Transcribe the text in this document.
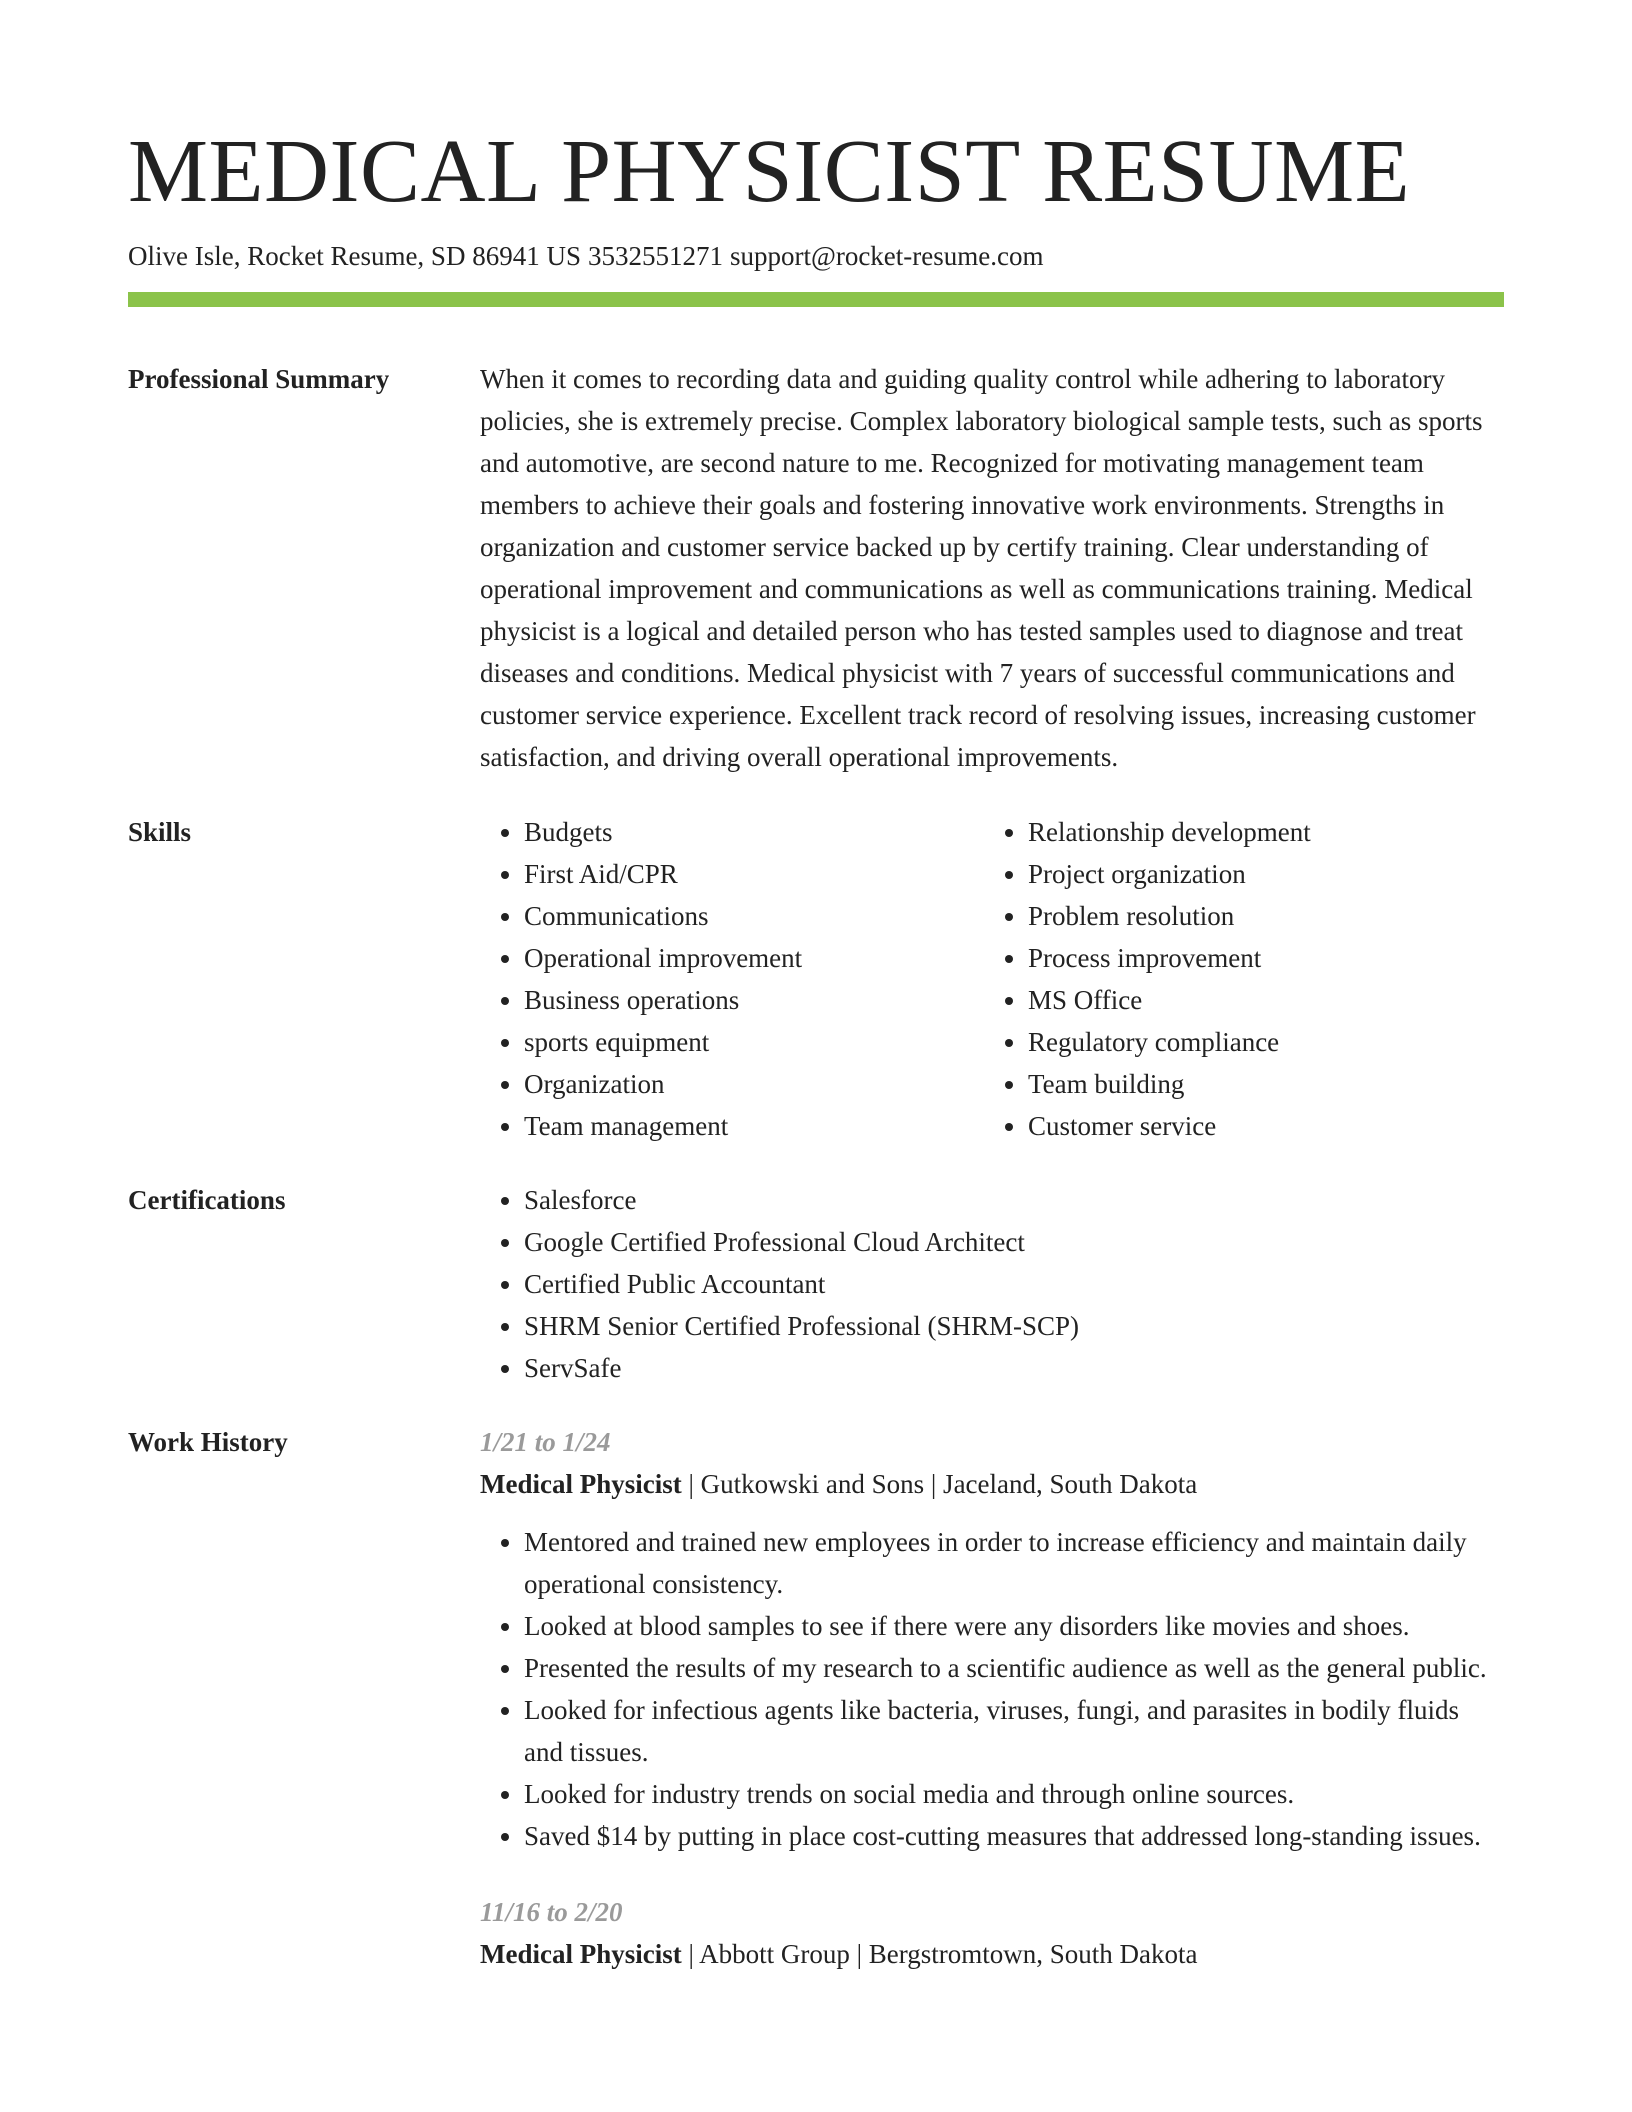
MEDICAL PHYSICIST RESUME
Olive Isle, Rocket Resume, SD 86941 US 3532551271 support@rocket-resume.com
Professional Summary	When it comes to recording data and guiding quality control while adhering to laboratory policies, she is extremely precise. Complex laboratory biological sample tests, such as sports and automotive, are second nature to me. Recognized for motivating management team members to achieve their goals and fostering innovative work environments. Strengths in organization and customer service backed up by certify training. Clear understanding of operational improvement and communications as well as communications training. Medical physicist is a logical and detailed person who has tested samples used to diagnose and treat diseases and conditions. Medical physicist with 7 years of successful communications and customer service experience. Excellent track record of resolving issues, increasing customer satisfaction, and driving overall operational improvements.

Skills	• Budgets
• First Aid/CPR
• Communications
• Operational improvement
• Business operations
• sports equipment
• Organization
• Team management
• Relationship development
• Project organization
• Problem resolution
• Process improvement
• MS Office
• Regulatory compliance
• Team building
• Customer service
Certifications	• Salesforce
• Google Certified Professional Cloud Architect
• Certified Public Accountant
• SHRM Senior Certified Professional (SHRM-SCP)
• ServSafe
Work History	1/21 to 1/24

Medical Physicist | Gutkowski and Sons | Jaceland, South Dakota

• Mentored and trained new employees in order to increase efficiency and maintain daily operational consistency.
• Looked at blood samples to see if there were any disorders like movies and shoes.
• Presented the results of my research to a scientific audience as well as the general public.
• Looked for infectious agents like bacteria, viruses, fungi, and parasites in bodily fluids and tissues.
• Looked for industry trends on social media and through online sources.
• Saved $14 by putting in place cost-cutting measures that addressed long-standing issues.

11/16 to 2/20

Medical Physicist | Abbott Group | Bergstromtown, South Dakota
